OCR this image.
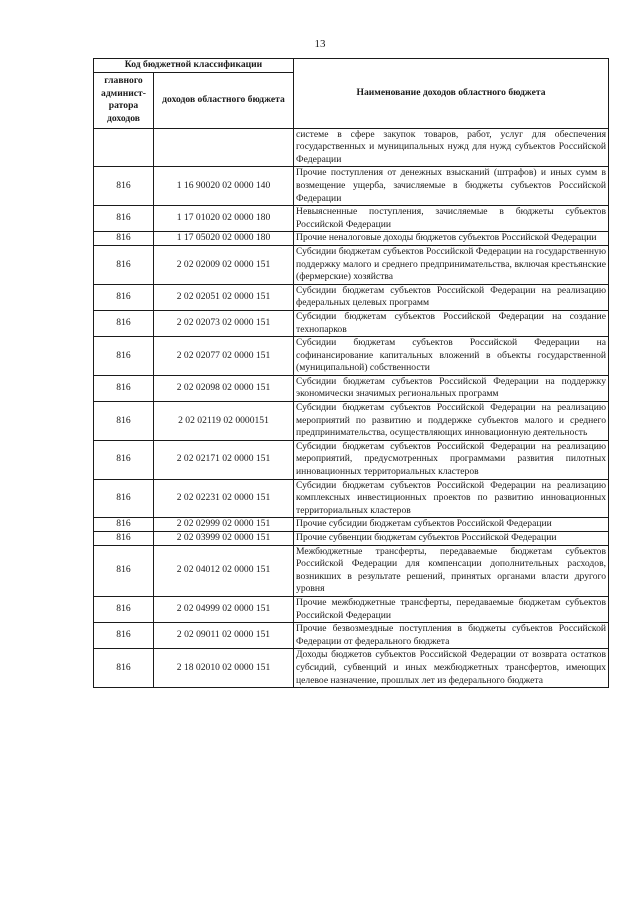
13
Код бюджетной классификации		Наименование доходов областного бюджета
главного админист-ратора доходов	доходов областного бюджета	
		системе в сфере закупок товаров, работ, услуг для обеспечения государственных и муниципальных нужд для нужд субъектов Российской Федерации
816	1 16 90020 02 0000 140	Прочие поступления от денежных взысканий (штрафов) и иных сумм в возмещение ущерба, зачисляемые в бюджеты субъектов Российской Федерации
816	1 17 01020 02 0000 180	Невыясненные поступления, зачисляемые в бюджеты субъектов Российской Федерации
816	1 17 05020 02 0000 180	Прочие неналоговые доходы бюджетов субъектов Российской Федерации
816	2 02 02009 02 0000 151	Субсидии бюджетам субъектов Российской Федерации на государственную поддержку малого и среднего предпринимательства, включая крестьянские (фермерские) хозяйства
816	2 02 02051 02 0000 151	Субсидии бюджетам субъектов Российской Федерации на реализацию федеральных целевых программ
816	2 02 02073 02 0000 151	Субсидии бюджетам субъектов Российской Федерации на создание технопарков
816	2 02 02077 02 0000 151	Субсидии бюджетам субъектов Российской Федерации на софинансирование капитальных вложений в объекты государственной (муниципальной) собственности
816	2 02 02098 02 0000 151	Субсидии бюджетам субъектов Российской Федерации на поддержку экономически значимых региональных программ
816	2 02 02119 02 0000151	Субсидии бюджетам субъектов Российской Федерации на реализацию мероприятий по развитию и поддержке субъектов малого и среднего предпринимательства, осуществляющих инновационную деятельность
816	2 02 02171 02 0000 151	Субсидии бюджетам субъектов Российской Федерации на реализацию мероприятий, предусмотренных программами развития пилотных инновационных территориальных кластеров
816	2 02 02231 02 0000 151	Субсидии бюджетам субъектов Российской Федерации на реализацию комплексных инвестиционных проектов по развитию инновационных территориальных кластеров
816	2 02 02999 02 0000 151	Прочие субсидии бюджетам субъектов Российской Федерации
816	2 02 03999 02 0000 151	Прочие субвенции бюджетам субъектов Российской Федерации
816	2 02 04012 02 0000 151	Межбюджетные трансферты, передаваемые бюджетам субъектов Российской Федерации для компенсации дополнительных расходов, возникших в результате решений, принятых органами власти другого уровня
816	2 02 04999 02 0000 151	Прочие межбюджетные трансферты, передаваемые бюджетам субъектов Российской Федерации
816	2 02 09011 02 0000 151	Прочие безвозмездные поступления в бюджеты субъектов Российской Федерации от федерального бюджета
816	2 18 02010 02 0000 151	Доходы бюджетов субъектов Российской Федерации от возврата остатков субсидий, субвенций и иных межбюджетных трансфертов, имеющих целевое назначение, прошлых лет из федерального бюджета
